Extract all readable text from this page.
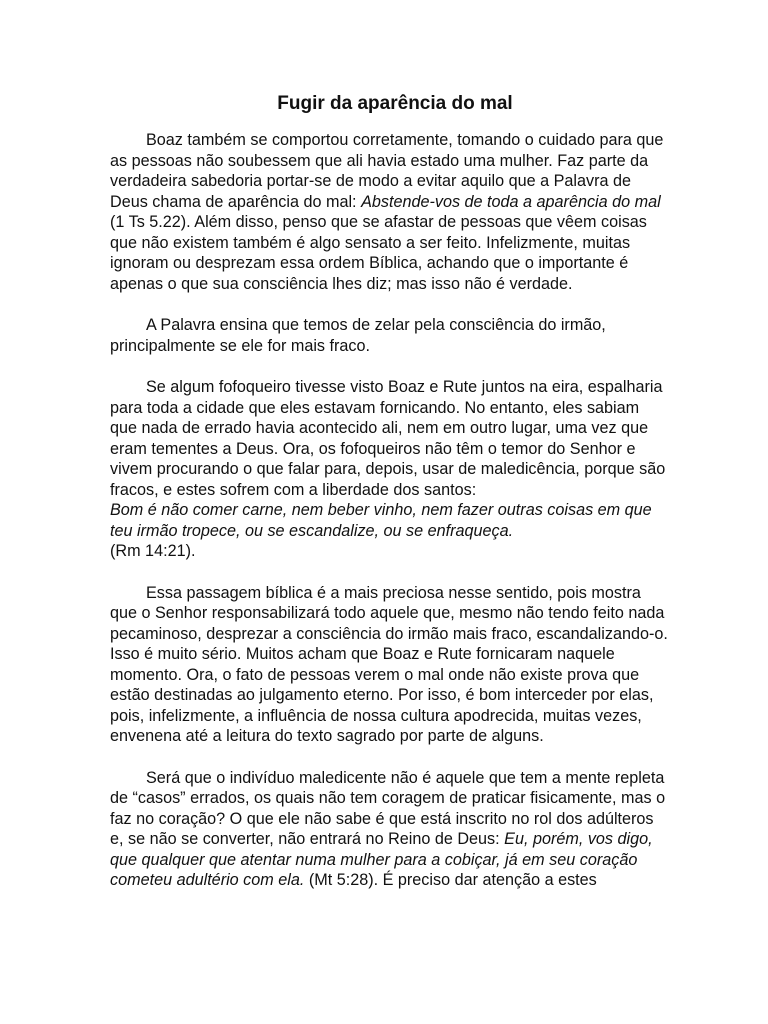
Fugir da aparência do mal

Boaz também se comportou corretamente, tomando o cuidado para que as pessoas não soubessem que ali havia estado uma mulher. Faz parte da verdadeira sabedoria portar-se de modo a evitar aquilo que a Palavra de Deus chama de aparência do mal: Abstende-vos de toda a aparência do mal (1 Ts 5.22). Além disso, penso que se afastar de pessoas que vêem coisas que não existem também é algo sensato a ser feito. Infelizmente, muitas ignoram ou desprezam essa ordem Bíblica, achando que o importante é apenas o que sua consciência lhes diz; mas isso não é verdade.

A Palavra ensina que temos de zelar pela consciência do irmão, principalmente se ele for mais fraco.

Se algum fofoqueiro tivesse visto Boaz e Rute juntos na eira, espalharia para toda a cidade que eles estavam fornicando. No entanto, eles sabiam que nada de errado havia acontecido ali, nem em outro lugar, uma vez que eram tementes a Deus. Ora, os fofoqueiros não têm o temor do Senhor e vivem procurando o que falar para, depois, usar de maledicência, porque são fracos, e estes sofrem com a liberdade dos santos:
Bom é não comer carne, nem beber vinho, nem fazer outras coisas em que teu irmão tropece, ou se escandalize, ou se enfraqueça.
(Rm 14:21).

Essa passagem bíblica é a mais preciosa nesse sentido, pois mostra que o Senhor responsabilizará todo aquele que, mesmo não tendo feito nada pecaminoso, desprezar a consciência do irmão mais fraco, escandalizando-o. Isso é muito sério. Muitos acham que Boaz e Rute fornicaram naquele momento. Ora, o fato de pessoas verem o mal onde não existe prova que estão destinadas ao julgamento eterno. Por isso, é bom interceder por elas, pois, infelizmente, a influência de nossa cultura apodrecida, muitas vezes, envenena até a leitura do texto sagrado por parte de alguns.

Será que o indivíduo maledicente não é aquele que tem a mente repleta de “casos” errados, os quais não tem coragem de praticar fisicamente, mas o faz no coração? O que ele não sabe é que está inscrito no rol dos adúlteros e, se não se converter, não entrará no Reino de Deus: Eu, porém, vos digo, que qualquer que atentar numa mulher para a cobiçar, já em seu coração cometeu adultério com ela. (Mt 5:28). É preciso dar atenção a estes
